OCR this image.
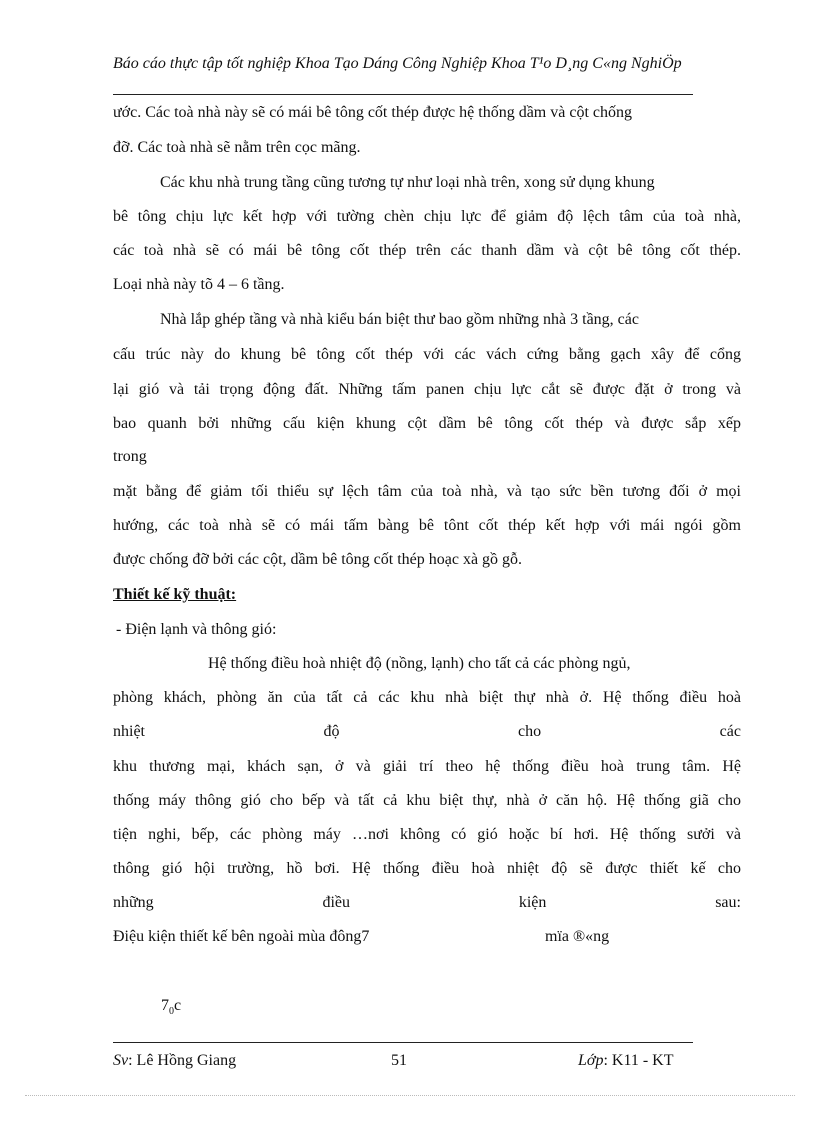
Báo cáo thực tập tốt nghiệp Khoa Tạo Dáng Công Nghiệp Khoa T¹o D¸ng C«ng NghiÖp
ước. Các toà nhà này sẽ có mái bê tông cốt thép được hệ thống dầm và cột chống
đỡ. Các toà nhà sẽ nằm trên cọc mãng.
Các khu nhà trung tầng cũng tương tự như loại nhà trên, xong sử dụng khung
bê tông chịu lực kết hợp với tường chèn chịu lực để giảm độ lệch tâm của toà nhà,
các toà nhà sẽ có mái bê tông cốt thép trên các thanh dầm và cột bê tông cốt thép.
Loại nhà này tõ 4 – 6 tầng.
Nhà lắp ghép tầng và nhà kiểu bán biệt thư bao gồm những nhà 3 tầng, các
cấu trúc này do khung bê tông cốt thép với các vách cứng bằng gạch xây để cổng
lại gió và tải trọng động đất. Những tấm panen chịu lực cắt sẽ được đặt ở trong và
bao quanh bởi những cấu kiện khung cột dầm bê tông cốt thép và được sắp xếp
trong
mặt bằng để giảm tối thiểu sự lệch tâm của toà nhà, và tạo sức bền tương đối ở mọi
hướng, các toà nhà sẽ có mái tấm bàng bê tônt cốt thép kết hợp với mái ngói gồm
được chống đỡ bởi các cột, dầm bê tông cốt thép hoạc xà gồ gỗ.
Thiết kế kỹ thuật:
- Điện lạnh và thông gió:
Hệ thống điều hoà nhiệt độ (nồng, lạnh) cho tất cả các phòng ngủ,
phòng khách, phòng ăn của tất cả các khu nhà biệt thự nhà ở. Hệ thống điều hoà
nhiệt	độ	cho	các
khu thương mại, khách sạn, ở và giải trí theo hệ thống điều hoà trung tâm. Hệ
thống máy thông gió cho bếp và tất cả khu biệt thự, nhà ở căn hộ. Hệ thống giã cho
tiện nghi, bếp, các phòng máy …nơi không có gió hoặc bí hơi. Hệ thống sưởi và
thông gió hội trường, hồ bơi. Hệ thống điều hoà nhiệt độ sẽ được thiết kế cho
những	điều	kiện	sau:
Điệu kiện thiết kế bên ngoài mùa đông7	mïa ®«ng
$7_0c$
Sv: Lê Hồng Giang	51	Lớp: K11 - KT
